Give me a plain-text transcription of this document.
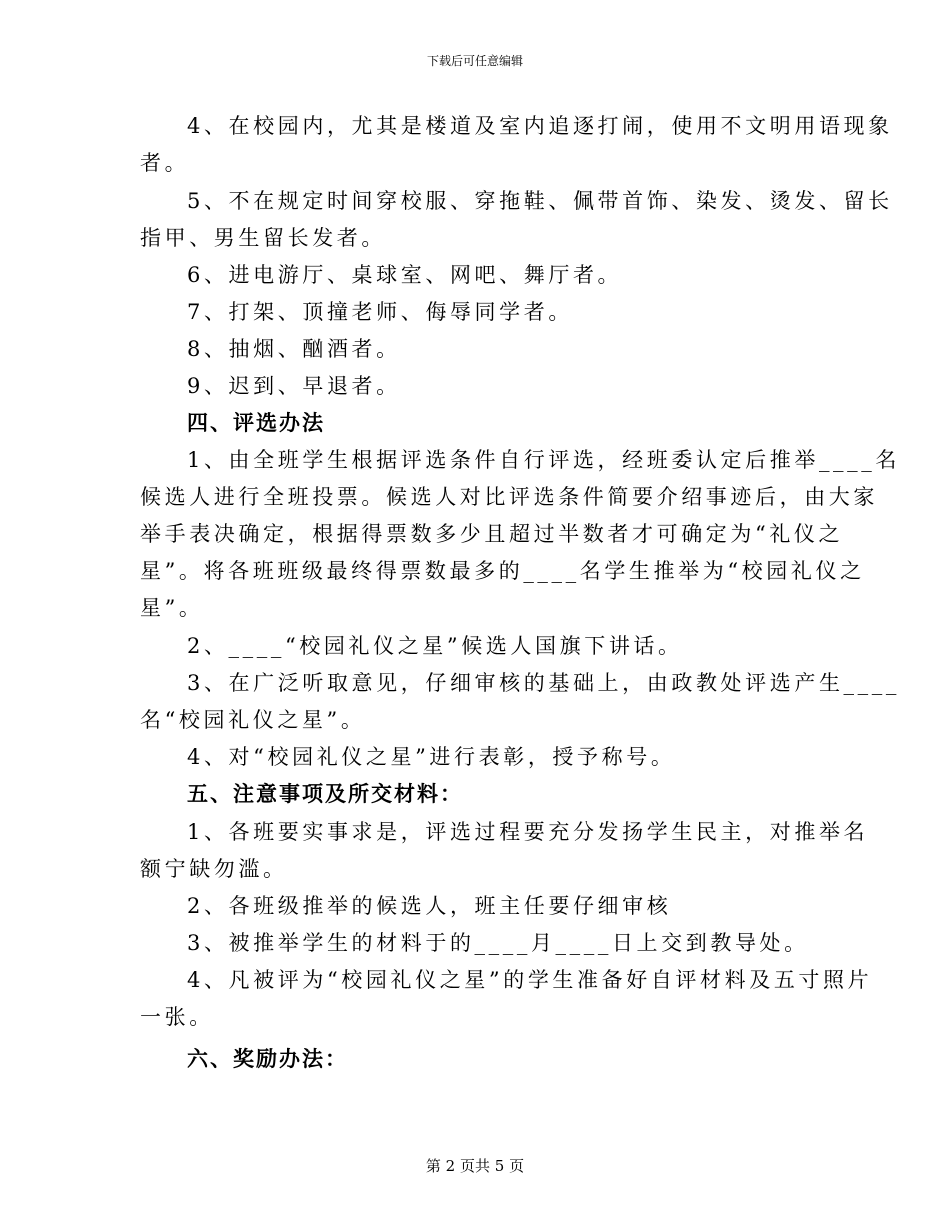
下载后可任意编辑
4、在校园内，尤其是楼道及室内追逐打闹，使用不文明用语现象
者。
5、不在规定时间穿校服、穿拖鞋、佩带首饰、染发、烫发、留长
指甲、男生留长发者。
6、进电游厅、桌球室、网吧、舞厅者。
7、打架、顶撞老师、侮辱同学者。
8、抽烟、酗酒者。
9、迟到、早退者。
四、评选办法
1、由全班学生根据评选条件自行评选，经班委认定后推举____名
候选人进行全班投票。候选人对比评选条件简要介绍事迹后，由大家
举手表决确定，根据得票数多少且超过半数者才可确定为“礼仪之
星”。将各班班级最终得票数最多的____名学生推举为“校园礼仪之
星”。
2、____“校园礼仪之星”候选人国旗下讲话。
3、在广泛听取意见，仔细审核的基础上，由政教处评选产生____
名“校园礼仪之星”。
4、对“校园礼仪之星”进行表彰，授予称号。
五、注意事项及所交材料：
1、各班要实事求是，评选过程要充分发扬学生民主，对推举名
额宁缺勿滥。
2、各班级推举的候选人，班主任要仔细审核
3、被推举学生的材料于的____月____日上交到教导处。
4、凡被评为“校园礼仪之星”的学生准备好自评材料及五寸照片
一张。
六、奖励办法：
第 2 页共 5 页
